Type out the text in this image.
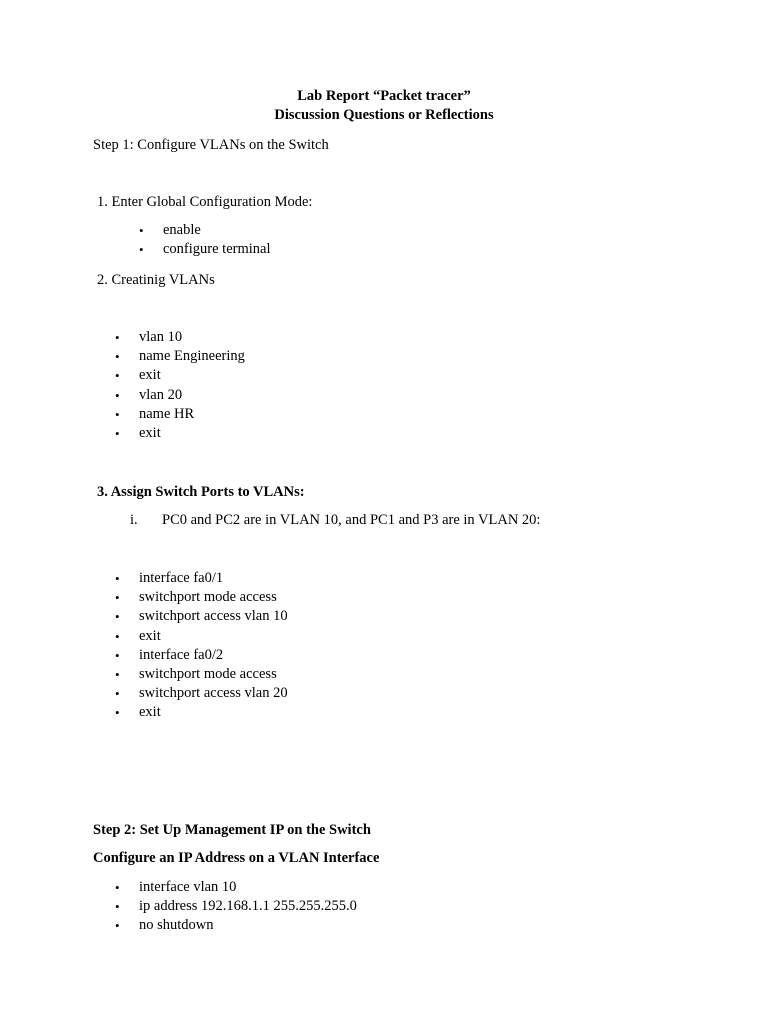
Lab Report “Packet tracer”
Discussion Questions or Reflections
Step 1: Configure VLANs on the Switch
1. Enter Global Configuration Mode:
• enable
• configure terminal
2. Creatinig VLANs
• vlan 10
• name Engineering
• exit
• vlan 20
• name HR
• exit
3. Assign Switch Ports to VLANs:
i. PC0 and PC2 are in VLAN 10, and PC1 and P3 are in VLAN 20:
• interface fa0/1
• switchport mode access
• switchport access vlan 10
• exit
• interface fa0/2
• switchport mode access
• switchport access vlan 20
• exit
Step 2: Set Up Management IP on the Switch
Configure an IP Address on a VLAN Interface
• interface vlan 10
• ip address 192.168.1.1 255.255.255.0
• no shutdown
